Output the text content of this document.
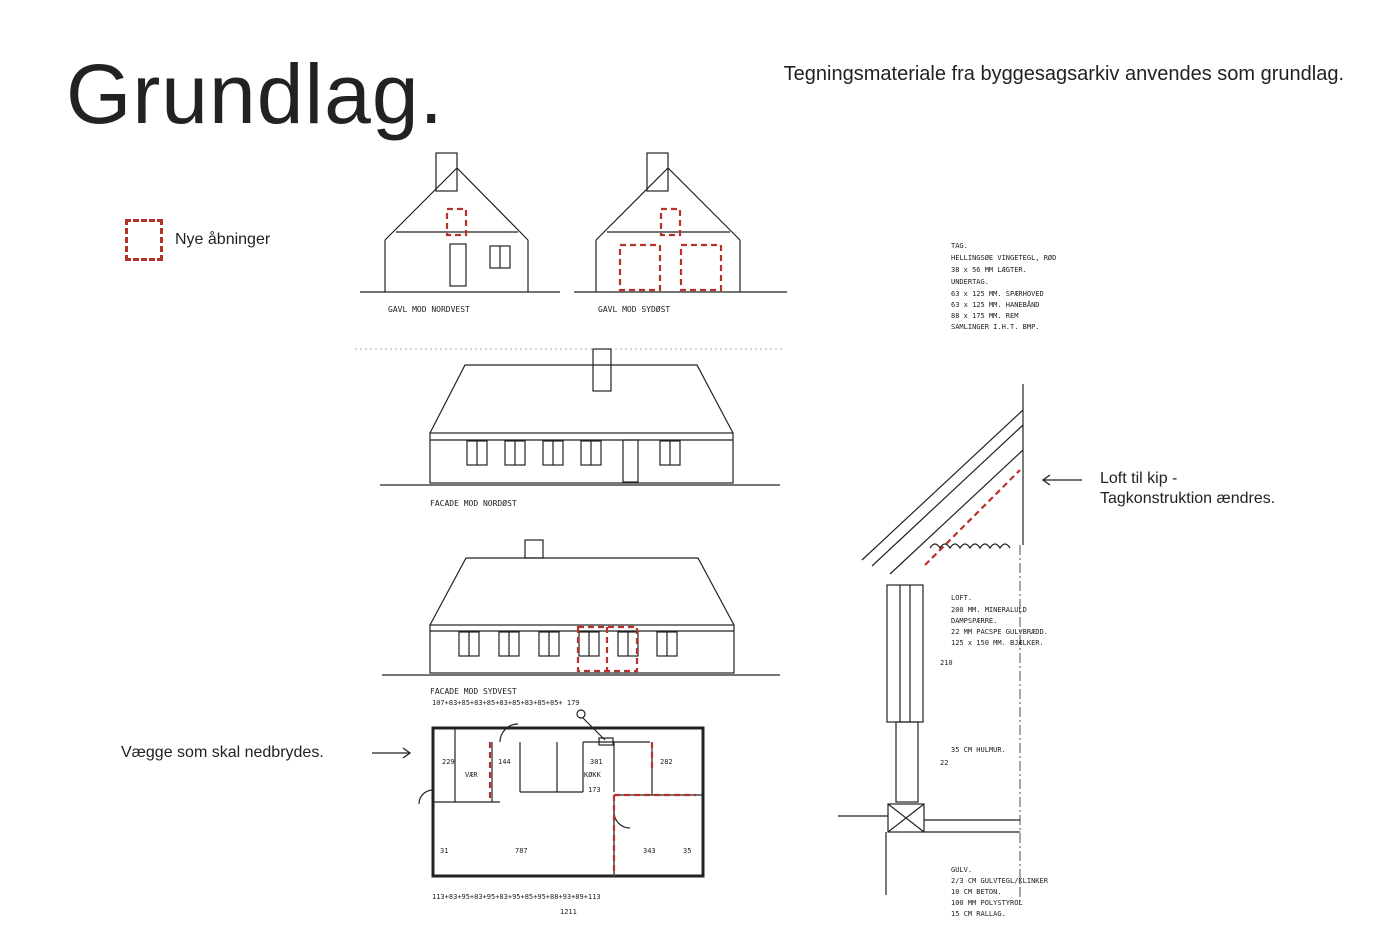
Grundlag.	Tegningsmateriale fra byggesagsarkiv anvendes som grundlag.

Nye åbninger
Vægge som skal nedbrydes.
Loft til kip -
Tagkonstruktion ændres.
GAVL MOD NORDVEST	GAVL MOD SYDØST
FACADE MOD NORDØST
FACADE MOD SYDVEST
107+83+85+83+85+83+85+83+85+85+ 179
229	144	301	282
787	343
173
31	35
VÆR	KØKK
113+83+95+83+95+83+95+85+95+88+93+89+113
1211
TAG.
HELLINGSØE VINGETEGL, RØD
38 x 56 MM LÆGTER.
UNDERTAG.
63 x 125 MM. SPÆRHOVED
63 x 125 MM. HANEBÅND
88 x 175 MM. REM
SAMLINGER I.H.T. BMP.
LOFT.
200 MM. MINERALULD
DAMPSPÆRRE.
22 MM PACSPE GULVBRÆDD.
125 x 150 MM. BJÆLKER.
35 CM HULMUR.
GULV.
2/3 CM GULVTEGL/KLINKER
10 CM BETON.
100 MM POLYSTYROL
15 CM RALLAG.
210
22
